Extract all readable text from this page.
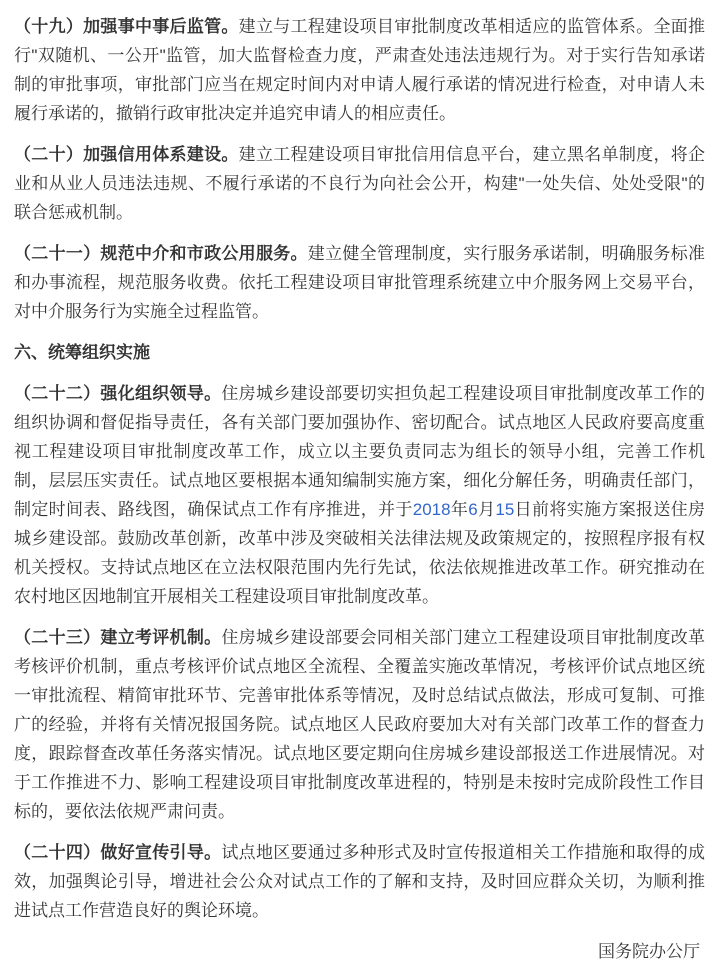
（十九）加强事中事后监管。建立与工程建设项目审批制度改革相适应的监管体系。全面推行"双随机、一公开"监管，加大监督检查力度，严肃查处违法违规行为。对于实行告知承诺制的审批事项，审批部门应当在规定时间内对申请人履行承诺的情况进行检查，对申请人未履行承诺的，撤销行政审批决定并追究申请人的相应责任。

（二十）加强信用体系建设。建立工程建设项目审批信用信息平台，建立黑名单制度，将企业和从业人员违法违规、不履行承诺的不良行为向社会公开，构建"一处失信、处处受限"的联合惩戒机制。

（二十一）规范中介和市政公用服务。建立健全管理制度，实行服务承诺制，明确服务标准和办事流程，规范服务收费。依托工程建设项目审批管理系统建立中介服务网上交易平台，对中介服务行为实施全过程监管。

六、统筹组织实施

（二十二）强化组织领导。住房城乡建设部要切实担负起工程建设项目审批制度改革工作的组织协调和督促指导责任，各有关部门要加强协作、密切配合。试点地区人民政府要高度重视工程建设项目审批制度改革工作，成立以主要负责同志为组长的领导小组，完善工作机制，层层压实责任。试点地区要根据本通知编制实施方案，细化分解任务，明确责任部门，制定时间表、路线图，确保试点工作有序推进，并于2018年6月15日前将实施方案报送住房城乡建设部。鼓励改革创新，改革中涉及突破相关法律法规及政策规定的，按照程序报有权机关授权。支持试点地区在立法权限范围内先行先试，依法依规推进改革工作。研究推动在农村地区因地制宜开展相关工程建设项目审批制度改革。

（二十三）建立考评机制。住房城乡建设部要会同相关部门建立工程建设项目审批制度改革考核评价机制，重点考核评价试点地区全流程、全覆盖实施改革情况，考核评价试点地区统一审批流程、精简审批环节、完善审批体系等情况，及时总结试点做法，形成可复制、可推广的经验，并将有关情况报国务院。试点地区人民政府要加大对有关部门改革工作的督查力度，跟踪督查改革任务落实情况。试点地区要定期向住房城乡建设部报送工作进展情况。对于工作推进不力、影响工程建设项目审批制度改革进程的，特别是未按时完成阶段性工作目标的，要依法依规严肃问责。

（二十四）做好宣传引导。试点地区要通过多种形式及时宣传报道相关工作措施和取得的成效，加强舆论引导，增进社会公众对试点工作的了解和支持，及时回应群众关切，为顺利推进试点工作营造良好的舆论环境。

国务院办公厅
